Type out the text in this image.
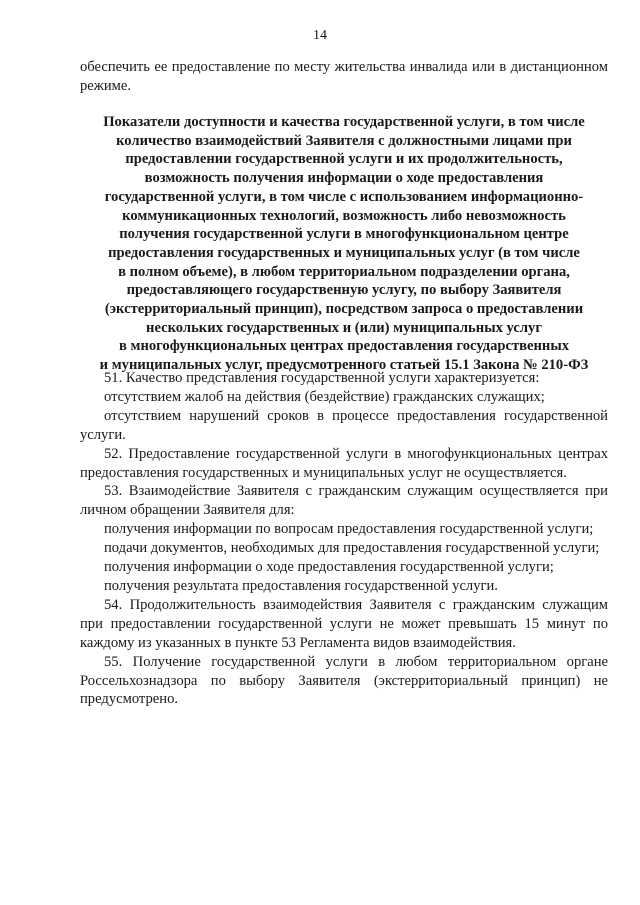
14

обеспечить ее предоставление по месту жительства инвалида или в дистанционном режиме.

Показатели доступности и качества государственной услуги, в том числе
количество взаимодействий Заявителя с должностными лицами при
предоставлении государственной услуги и их продолжительность,
возможность получения информации о ходе предоставления
государственной услуги, в том числе с использованием информационно-
коммуникационных технологий, возможность либо невозможность
получения государственной услуги в многофункциональном центре
предоставления государственных и муниципальных услуг (в том числе
в полном объеме), в любом территориальном подразделении органа,
предоставляющего государственную услугу, по выбору Заявителя
(экстерриториальный принцип), посредством запроса о предоставлении
нескольких государственных и (или) муниципальных услуг
в многофункциональных центрах предоставления государственных
и муниципальных услуг, предусмотренного статьей 15.1 Закона № 210-ФЗ

51. Качество представления государственной услуги характеризуется:

отсутствием жалоб на действия (бездействие) гражданских служащих;

отсутствием нарушений сроков в процессе предоставления государственной услуги.

52. Предоставление государственной услуги в многофункциональных центрах предоставления государственных и муниципальных услуг не осуществляется.

53. Взаимодействие Заявителя с гражданским служащим осуществляется при личном обращении Заявителя для:

получения информации по вопросам предоставления государственной услуги;

подачи документов, необходимых для предоставления государственной услуги;

получения информации о ходе предоставления государственной услуги;

получения результата предоставления государственной услуги.

54. Продолжительность взаимодействия Заявителя с гражданским служащим при предоставлении государственной услуги не может превышать 15 минут по каждому из указанных в пункте 53 Регламента видов взаимодействия.

55. Получение государственной услуги в любом территориальном органе Россельхознадзора по выбору Заявителя (экстерриториальный принцип) не предусмотрено.
